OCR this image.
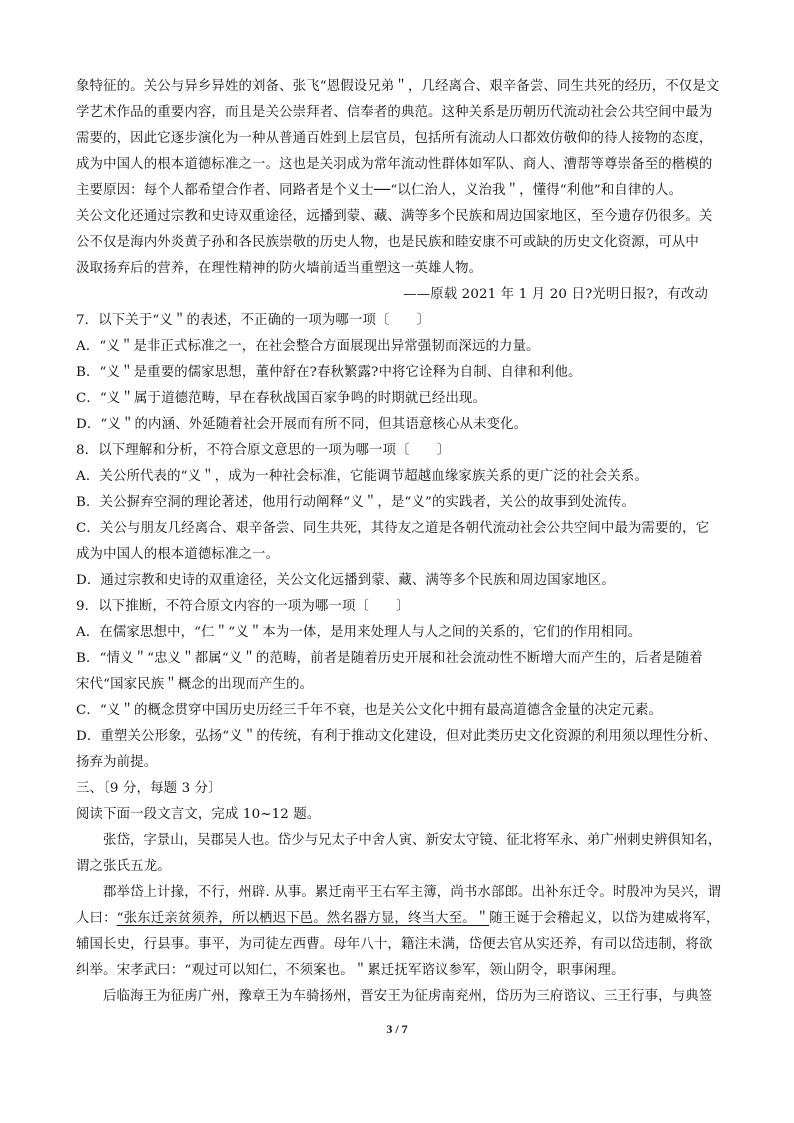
象特征的。关公与异乡异姓的刘备、张飞“恩假设兄弟＂，几经离合、艰辛备尝、同生共死的经历，不仅是文
学艺术作品的重要内容，而且是关公崇拜者、信奉者的典范。这种关系是历朝历代流动社会公共空间中最为
需要的，因此它逐步演化为一种从普通百姓到上层官员，包括所有流动人口都效仿敬仰的待人接物的态度，
成为中国人的根本道德标准之一。这也是关羽成为常年流动性群体如军队、商人、漕帮等尊崇备至的楷模的
主要原因：每个人都希望合作者、同路者是个义士──“以仁治人，义治我＂，懂得“利他”和自律的人。
关公文化还通过宗教和史诗双重途径，远播到蒙、藏、满等多个民族和周边国家地区，至今遗存仍很多。关
公不仅是海内外炎黄子孙和各民族崇敬的历史人物，也是民族和睦安康不可或缺的历史文化资源，可从中
汲取扬弃后的营养，在理性精神的防火墙前适当重塑这一英雄人物。
——原载 2021 年 1 月 20 日?光明日报?，有改动
7．以下关于“义＂的表述，不正确的一项为哪一项〔　　〕
A．“义＂是非正式标准之一，在社会整合方面展现出异常强韧而深远的力量。
B．“义＂是重要的儒家思想，董仲舒在?春秋繁露?中将它诠释为自制、自律和利他。
C．“义＂属于道德范畴，早在春秋战国百家争鸣的时期就已经出现。
D．“义＂的内涵、外延随着社会开展而有所不同，但其语意核心从未变化。
8．以下理解和分析，不符合原文意思的一项为哪一项〔　　〕
A．关公所代表的“义＂，成为一种社会标准，它能调节超越血缘家族关系的更广泛的社会关系。
B．关公摒弃空洞的理论著述，他用行动阐释“义＂，是“义”的实践者，关公的故事到处流传。
C．关公与朋友几经离合、艰辛备尝、同生共死，其待友之道是各朝代流动社会公共空间中最为需要的，它
成为中国人的根本道德标准之一。
D．通过宗教和史诗的双重途径，关公文化远播到蒙、藏、满等多个民族和周边国家地区。
9．以下推断，不符合原文内容的一项为哪一项〔　　〕
A．在儒家思想中，“仁＂“义＂本为一体，是用来处理人与人之间的关系的，它们的作用相同。
B．“情义＂“忠义＂都属“义＂的范畴，前者是随着历史开展和社会流动性不断增大而产生的，后者是随着
宋代“国家民族＂概念的出现而产生的。
C．“义＂的概念贯穿中国历史历经三千年不衰，也是关公文化中拥有最高道德含金量的决定元素。
D．重塑关公形象，弘扬“义＂的传统，有利于推动文化建设，但对此类历史文化资源的利用须以理性分析、
扬弃为前提。
三、〔9 分，每题 3 分〕
阅读下面一段文言文，完成 10~12 题。
张岱，字景山，吴郡吴人也。岱少与兄太子中舍人寅、新安太守镜、征北将军永、弟广州刺史辨俱知名，
谓之张氏五龙。
郡举岱上计掾，不行，州辟. 从事。累迁南平王右军主簿，尚书水部郎。出补东迁令。时殷冲为吴兴，谓
人曰：“张东迁亲贫须养，所以栖迟下邑。然名器方显，终当大至。＂随王诞于会稽起义，以岱为建威将军，
辅国长史，行县事。事平，为司徒左西曹。母年八十，籍注未满，岱便去官从实还养，有司以岱违制，将欲
纠举。宋孝武曰：“观过可以知仁，不须案也。＂累迁抚军谘议参军，领山阴令，职事闲理。
后临海王为征虏广州，豫章王为车骑扬州，晋安王为征虏南兖州，岱历为三府谘议、三王行事，与典签
3 / 7
